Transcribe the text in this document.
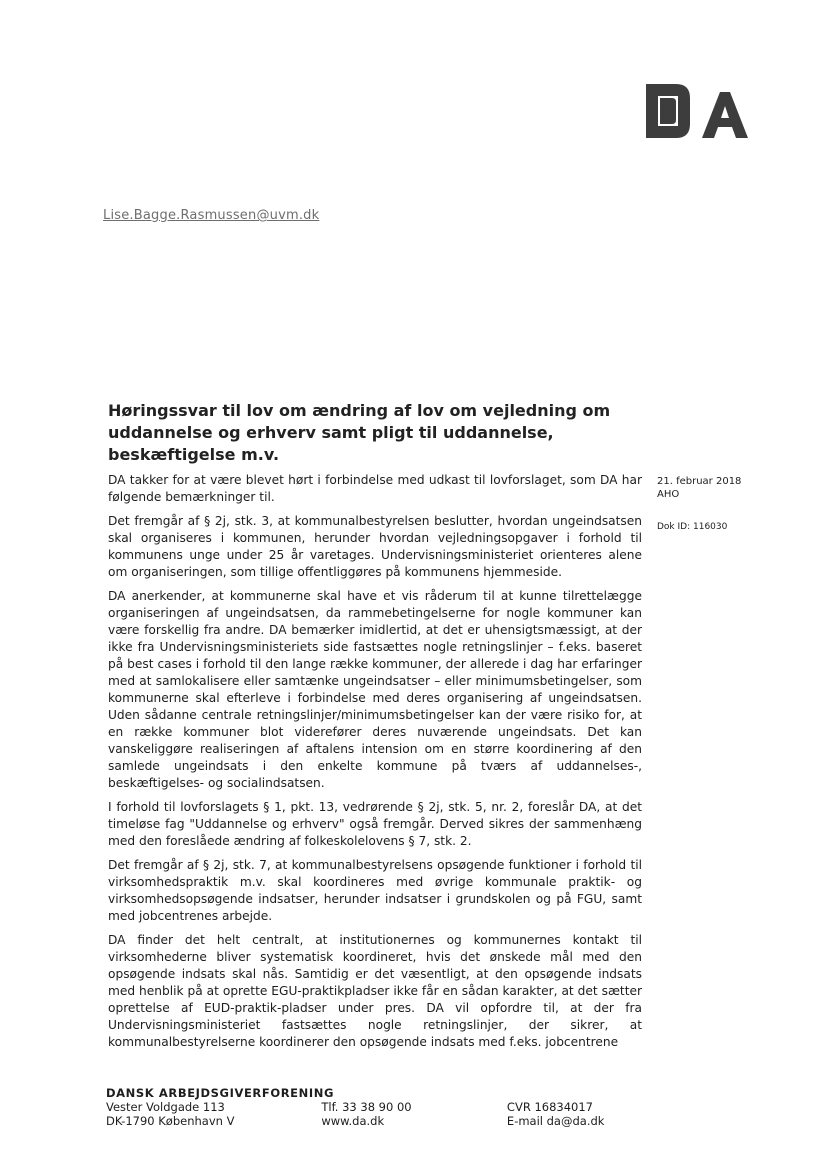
Lise.Bagge.Rasmussen@uvm.dk
Høringssvar til lov om ændring af lov om vejledning om uddannelse og erhverv samt pligt til uddannelse, beskæftigelse m.v.
21. februar 2018
AHO
Dok ID: 116030

DA takker for at være blevet hørt i forbindelse med udkast til lovforslaget, som DA har følgende bemærkninger til.

Det fremgår af § 2j, stk. 3, at kommunalbestyrelsen beslutter, hvordan ungeindsatsen skal organiseres i kommunen, herunder hvordan vejledningsopgaver i forhold til kommunens unge under 25 år varetages. Undervisningsministeriet orienteres alene om organiseringen, som tillige offentliggøres på kommunens hjemmeside.

DA anerkender, at kommunerne skal have et vis råderum til at kunne tilrettelægge organiseringen af ungeindsatsen, da rammebetingelserne for nogle kommuner kan være forskellig fra andre. DA bemærker imidlertid, at det er uhensigtsmæssigt, at der ikke fra Undervisningsministeriets side fastsættes nogle retningslinjer – f.eks. baseret på best cases i forhold til den lange række kommuner, der allerede i dag har erfaringer med at samlokalisere eller samtænke ungeindsatser – eller minimumsbetingelser, som kommunerne skal efterleve i forbindelse med deres organisering af ungeindsatsen. Uden sådanne centrale retningslinjer/minimumsbetingelser kan der være risiko for, at en række kommuner blot viderefører deres nuværende ungeindsats. Det kan vanskeliggøre realiseringen af aftalens intension om en større koordinering af den samlede ungeindsats i den enkelte kommune på tværs af uddannelses-, beskæftigelses- og socialindsatsen.

I forhold til lovforslagets § 1, pkt. 13, vedrørende § 2j, stk. 5, nr. 2, foreslår DA, at det timeløse fag "Uddannelse og erhverv" også fremgår. Derved sikres der sammenhæng med den foreslåede ændring af folkeskolelovens § 7, stk. 2.

Det fremgår af § 2j, stk. 7, at kommunalbestyrelsens opsøgende funktioner i forhold til virksomhedspraktik m.v. skal koordineres med øvrige kommunale praktik- og virksomhedsopsøgende indsatser, herunder indsatser i grundskolen og på FGU, samt med jobcentrenes arbejde.

DA finder det helt centralt, at institutionernes og kommunernes kontakt til virksomhederne bliver systematisk koordineret, hvis det ønskede mål med den opsøgende indsats skal nås. Samtidig er det væsentligt, at den opsøgende indsats med henblik på at oprette EGU-praktikpladser ikke får en sådan karakter, at det sætter oprettelse af EUD-praktik-pladser under pres. DA vil opfordre til, at der fra Undervisningsministeriet fastsættes nogle retningslinjer, der sikrer, at kommunalbestyrelserne koordinerer den opsøgende indsats med f.eks. jobcentrene

DANSK ARBEJDSGIVERFORENING
Vester Voldgade 113	Tlf. 33 38 90 00	CVR 16834017
DK-1790 København V	www.da.dk	E-mail da@da.dk
